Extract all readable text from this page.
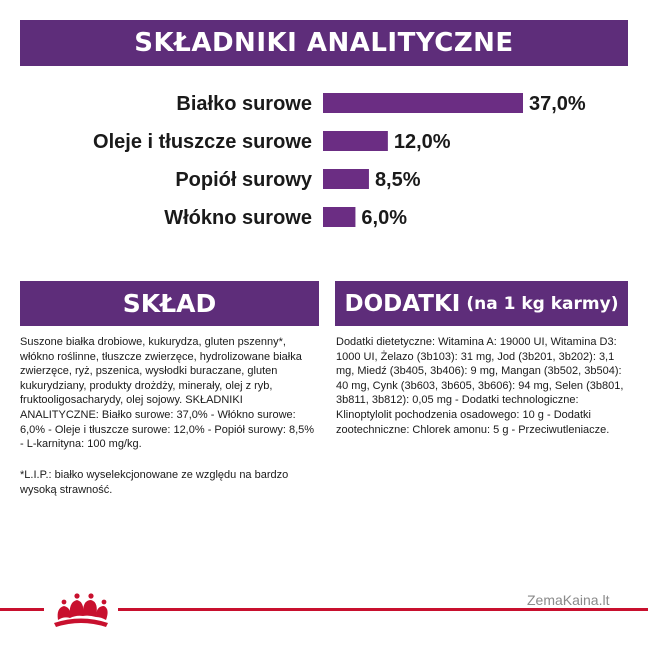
SKŁADNIKI ANALITYCZNE
Białko surowe	37,0%
Oleje i tłuszcze surowe	12,0%
Popiół surowy	8,5%
Włókno surowe 6,0%
SKŁAD

Suszone białka drobiowe, kukurydza, gluten pszenny*, włókno roślinne, tłuszcze zwierzęce, hydrolizowane białka zwierzęce, ryż, pszenica, wysłodki buraczane, gluten kukurydziany, produkty drożdży, minerały, olej z ryb, fruktooligosacharydy, olej sojowy. SKŁADNIKI ANALITYCZNE: Białko surowe: 37,0% - Włókno surowe: 6,0% - Oleje i tłuszcze surowe: 12,0% - Popiół surowy: 8,5% - L-karnityna: 100 mg/kg.

*L.I.P.: białko wyselekcjonowane ze względu na bardzo wysoką strawność.

DODATKI (na 1 kg karmy)

Dodatki dietetyczne: Witamina A: 19000 UI, Witamina D3: 1000 UI, Żelazo (3b103): 31 mg, Jod (3b201, 3b202): 3,1 mg, Miedź (3b405, 3b406): 9 mg, Mangan (3b502, 3b504): 40 mg, Cynk (3b603, 3b605, 3b606): 94 mg, Selen (3b801, 3b811, 3b812): 0,05 mg - Dodatki technologiczne: Klinoptylolit pochodzenia osadowego: 10 g - Dodatki zootechniczne: Chlorek amonu: 5 g - Przeciwutleniacze.

ZemaKaina.lt
